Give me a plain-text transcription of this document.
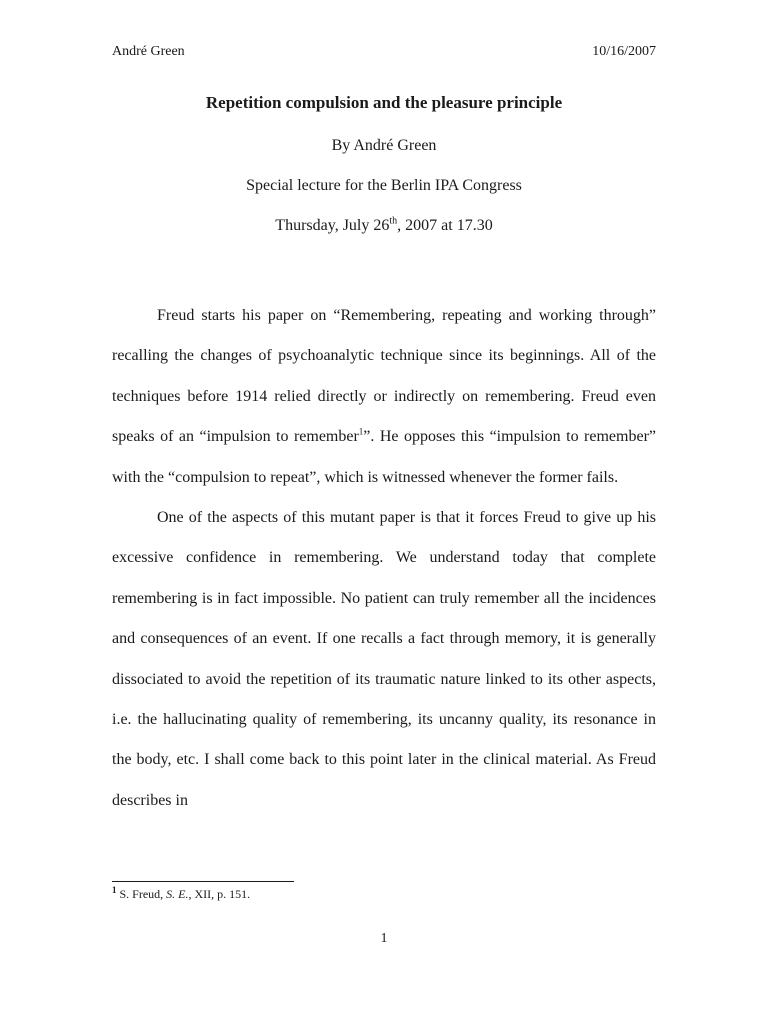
André Green	10/16/2007
Repetition compulsion and the pleasure principle
By André Green
Special lecture for the Berlin IPA Congress
Thursday, July 26th, 2007 at 17.30

Freud starts his paper on “Remembering, repeating and working through” recalling the changes of psychoanalytic technique since its beginnings. All of the techniques before 1914 relied directly or indirectly on remembering. Freud even speaks of an “impulsion to remember$^1$”. He opposes this “impulsion to remember” with the “compulsion to repeat”, which is witnessed whenever the former fails.

One of the aspects of this mutant paper is that it forces Freud to give up his excessive confidence in remembering. We understand today that complete remembering is in fact impossible. No patient can truly remember all the incidences and consequences of an event. If one recalls a fact through memory, it is generally dissociated to avoid the repetition of its traumatic nature linked to its other aspects, i.e. the hallucinating quality of remembering, its uncanny quality, its resonance in the body, etc. I shall come back to this point later in the clinical material. As Freud describes in

$^1$ S. Freud, S. E., XII, p. 151.
1
